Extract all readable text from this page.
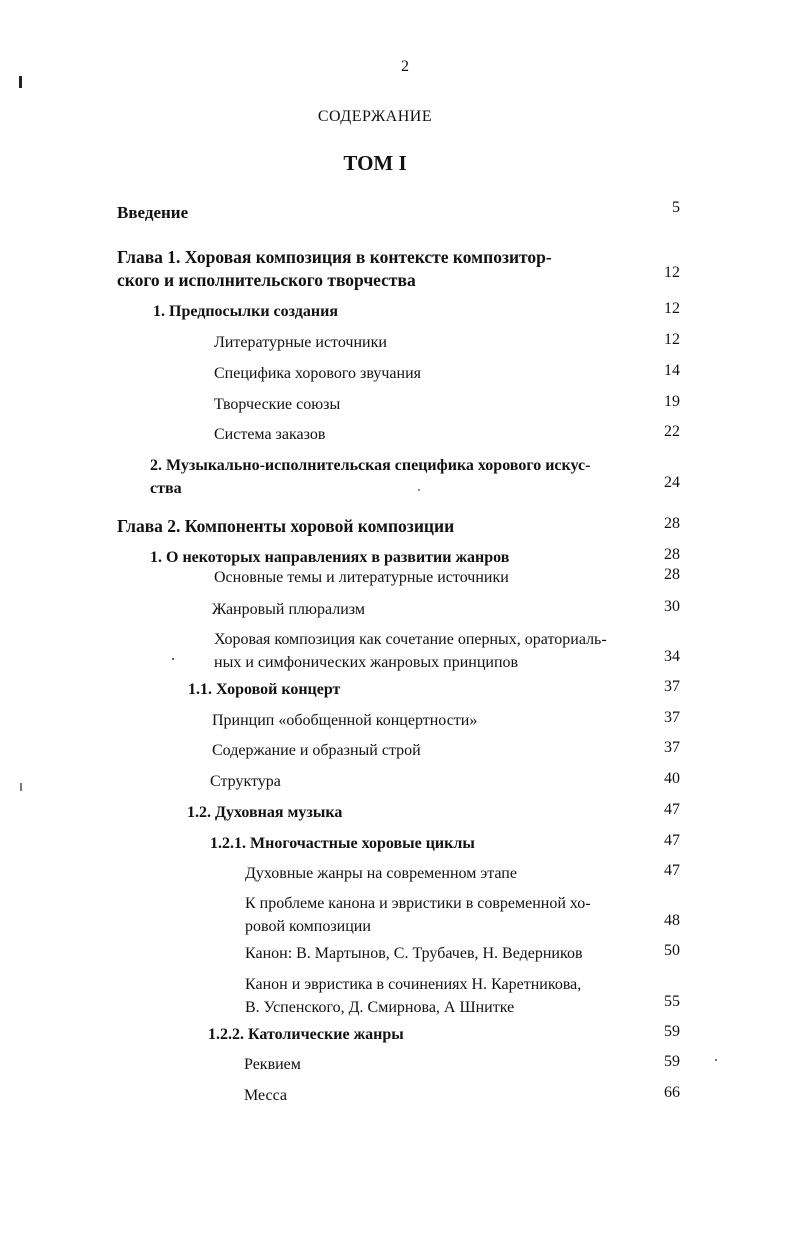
2
СОДЕРЖАНИЕ
ТОМ I
Введение	5
Глава 1. Хоровая композиция в контексте композитор-
ского и исполнительского творчества	12
1. Предпосылки создания	12
Литературные источники	12
Специфика хорового звучания	14
Творческие союзы	19
Система заказов	22
2. Музыкально-исполнительская специфика хорового искус-
ства	24
Глава 2. Компоненты хоровой композиции	28
1. О некоторых направлениях в развитии жанров	28
Основные темы и литературные источники	28
Жанровый плюрализм	30
Хоровая композиция как сочетание оперных, ораториаль-
ных и симфонических жанровых принципов	34
1.1. Хоровой концерт	37
Принцип «обобщенной концертности»	37
Содержание и образный строй	37
Структура	40
1.2. Духовная музыка	47
1.2.1. Многочастные хоровые циклы	47
Духовные жанры на современном этапе	47
К проблеме канона и эвристики в современной хо-
ровой композиции	48
Канон: В. Мартынов, С. Трубачев, Н. Ведерников	50
Канон и эвристика в сочинениях Н. Каретникова,
В. Успенского, Д. Смирнова, А Шнитке	55
1.2.2. Католические жанры	59
Реквием	59
Месса	66
